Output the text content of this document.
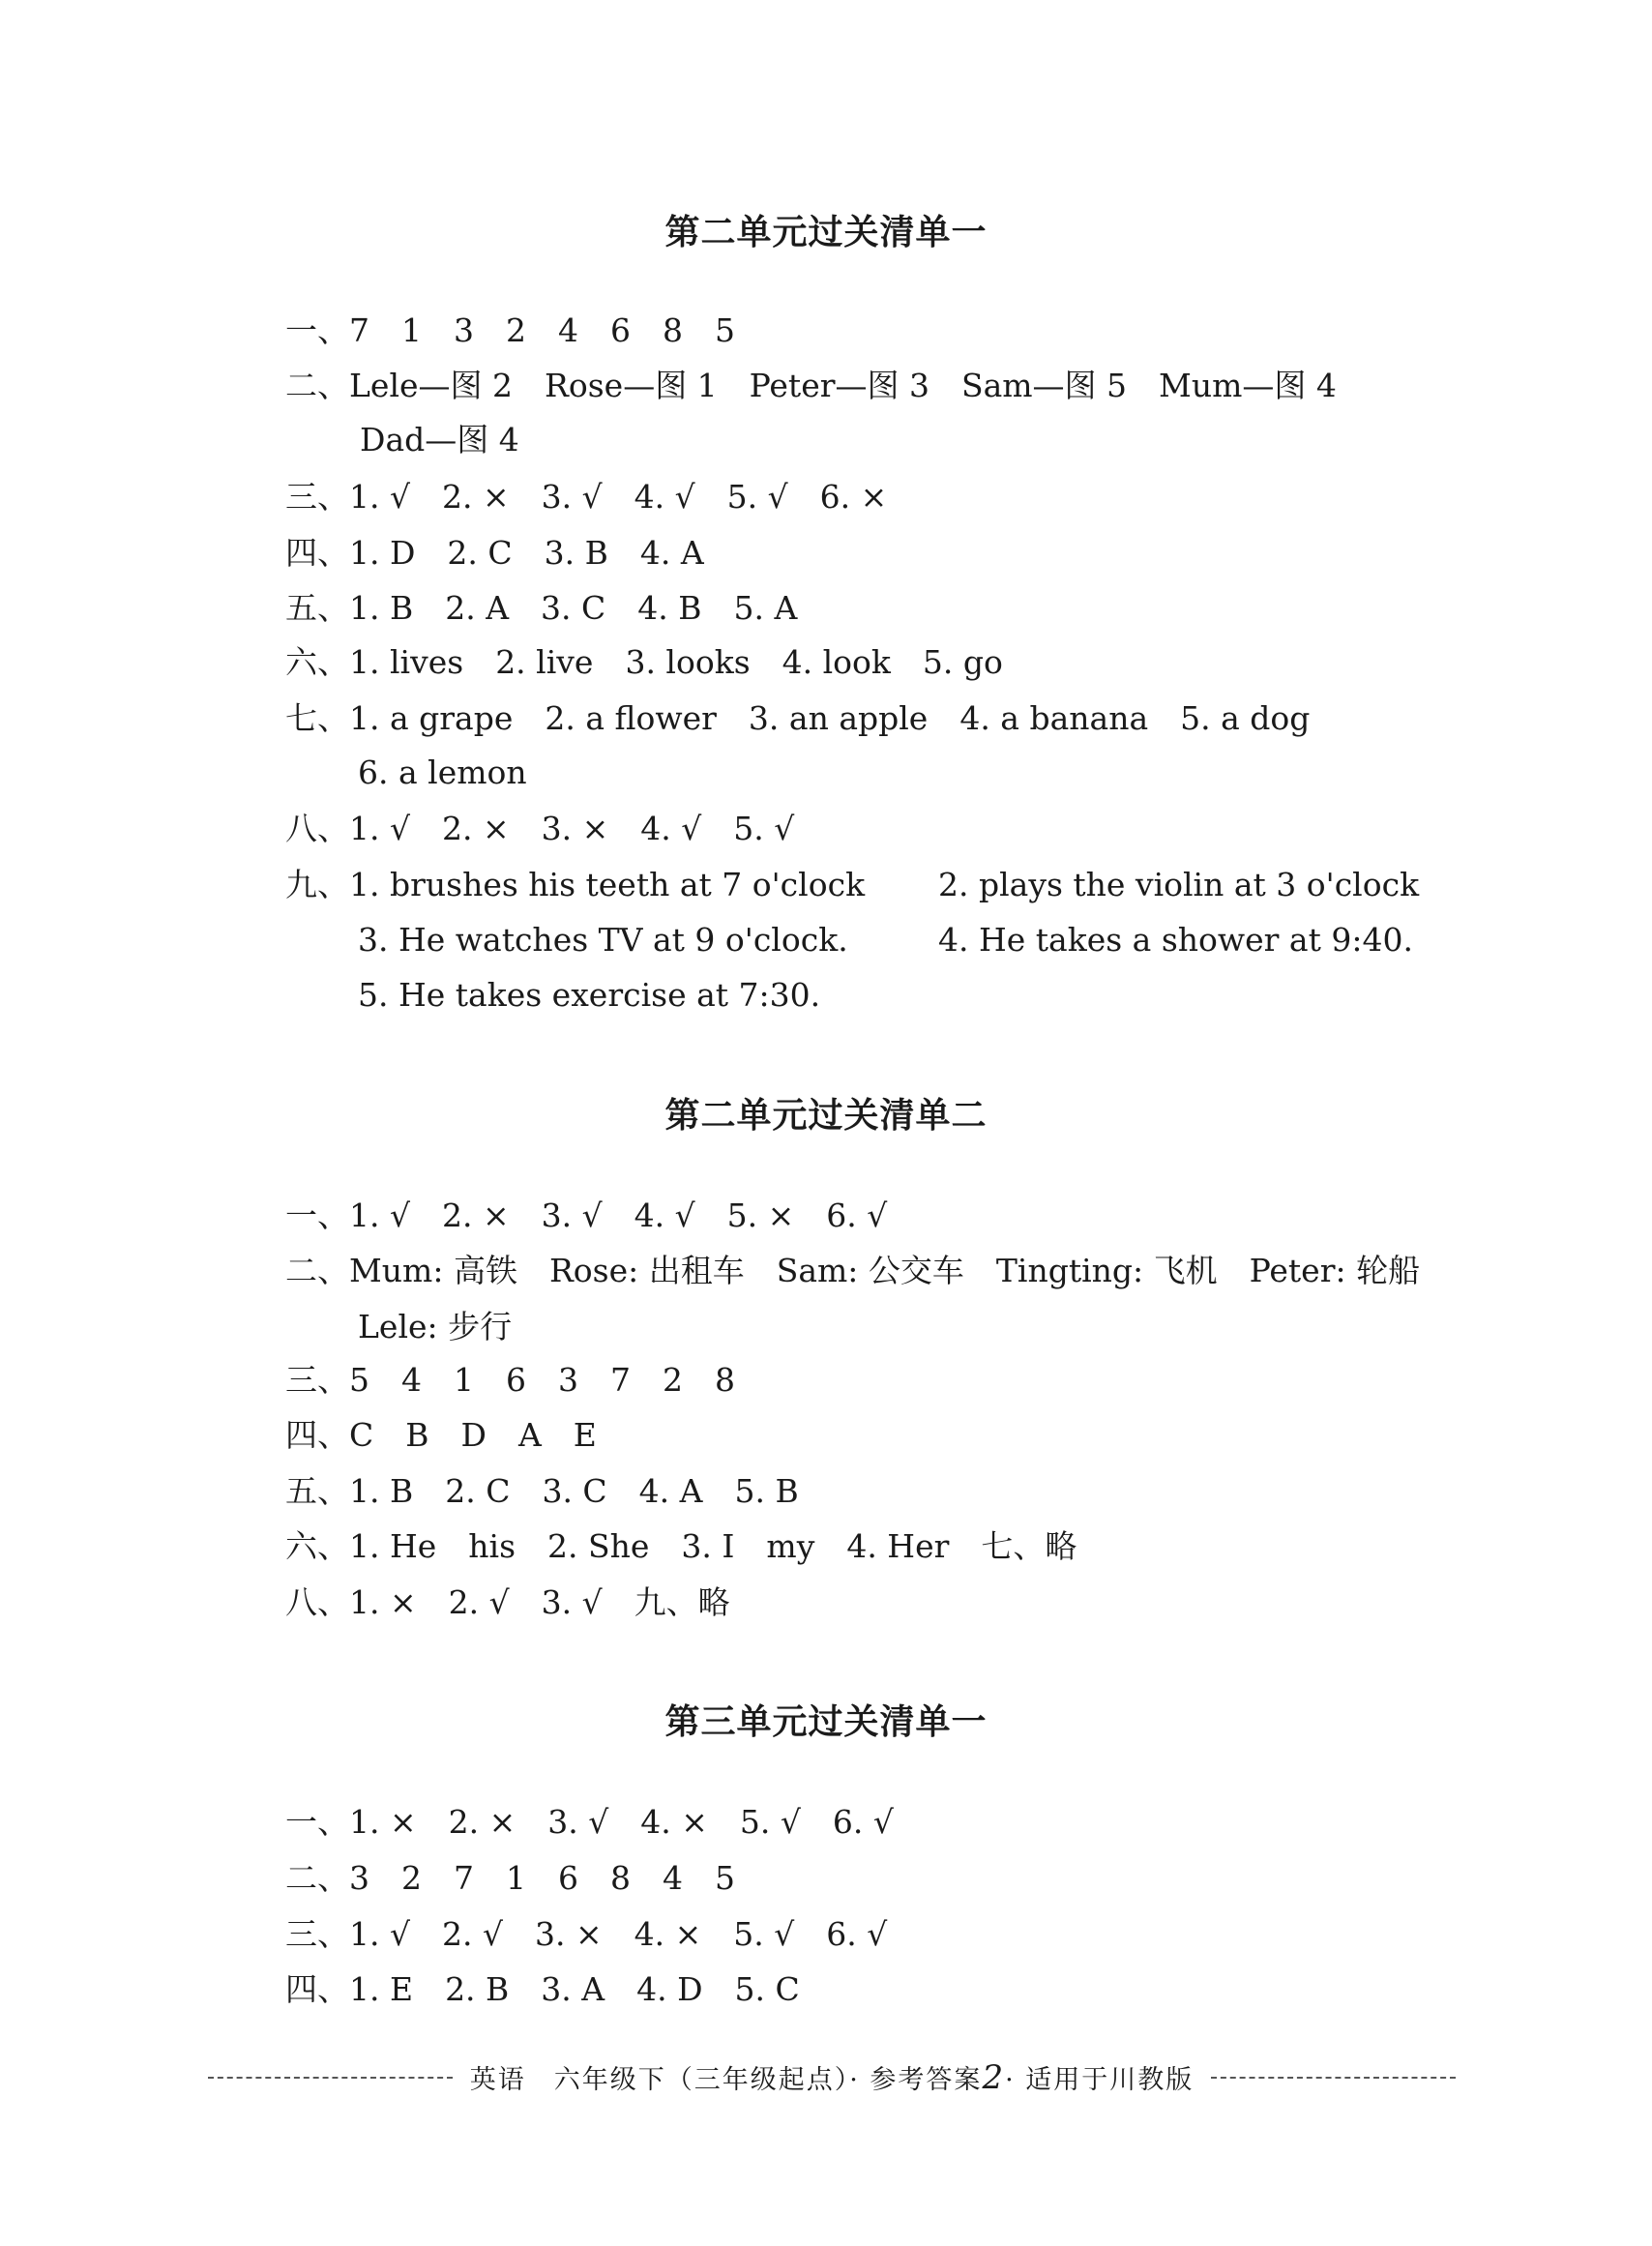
第二单元过关清单一
一、7　1　3　2　4　6　8　5
二、Lele—图 2　Rose—图 1　Peter—图 3　Sam—图 5　Mum—图 4
Dad—图 4
三、1. √　2. ×　3. √　4. √　5. √　6. ×
四、1. D　2. C　3. B　4. A
五、1. B　2. A　3. C　4. B　5. A
六、1. lives　2. live　3. looks　4. look　5. go
七、1. a grape　2. a flower　3. an apple　4. a banana　5. a dog
6. a lemon
八、1. √　2. ×　3. ×　4. √　5. √
九、1. brushes his teeth at 7 o'clock 2. plays the violin at 3 o'clock
3. He watches TV at 9 o'clock.	4. He takes a shower at 9:40.
5. He takes exercise at 7:30.
第二单元过关清单二
一、1. √　2. ×　3. √　4. √　5. ×　6. √
二、Mum: 高铁　Rose: 出租车　Sam: 公交车　Tingting: 飞机　Peter: 轮船
Lele: 步行
三、5　4　1　6　3　7　2　8
四、C　B　D　A　E
五、1. B　2. C　3. C　4. A　5. B
六、1. He　his　2. She　3. I　my　4. Her　七、略
八、1. ×　2. √　3. √　九、略
第三单元过关清单一
一、1. ×　2. ×　3. √　4. ×　5. √　6. √
二、3　2　7　1　6　8　4　5
三、1. √　2. √　3. ×　4. ×　5. √　6. √
四、1. E　2. B　3. A　4. D　5. C
英语　六年级下（三年级起点）· 参考答案2· 适用于川教版
